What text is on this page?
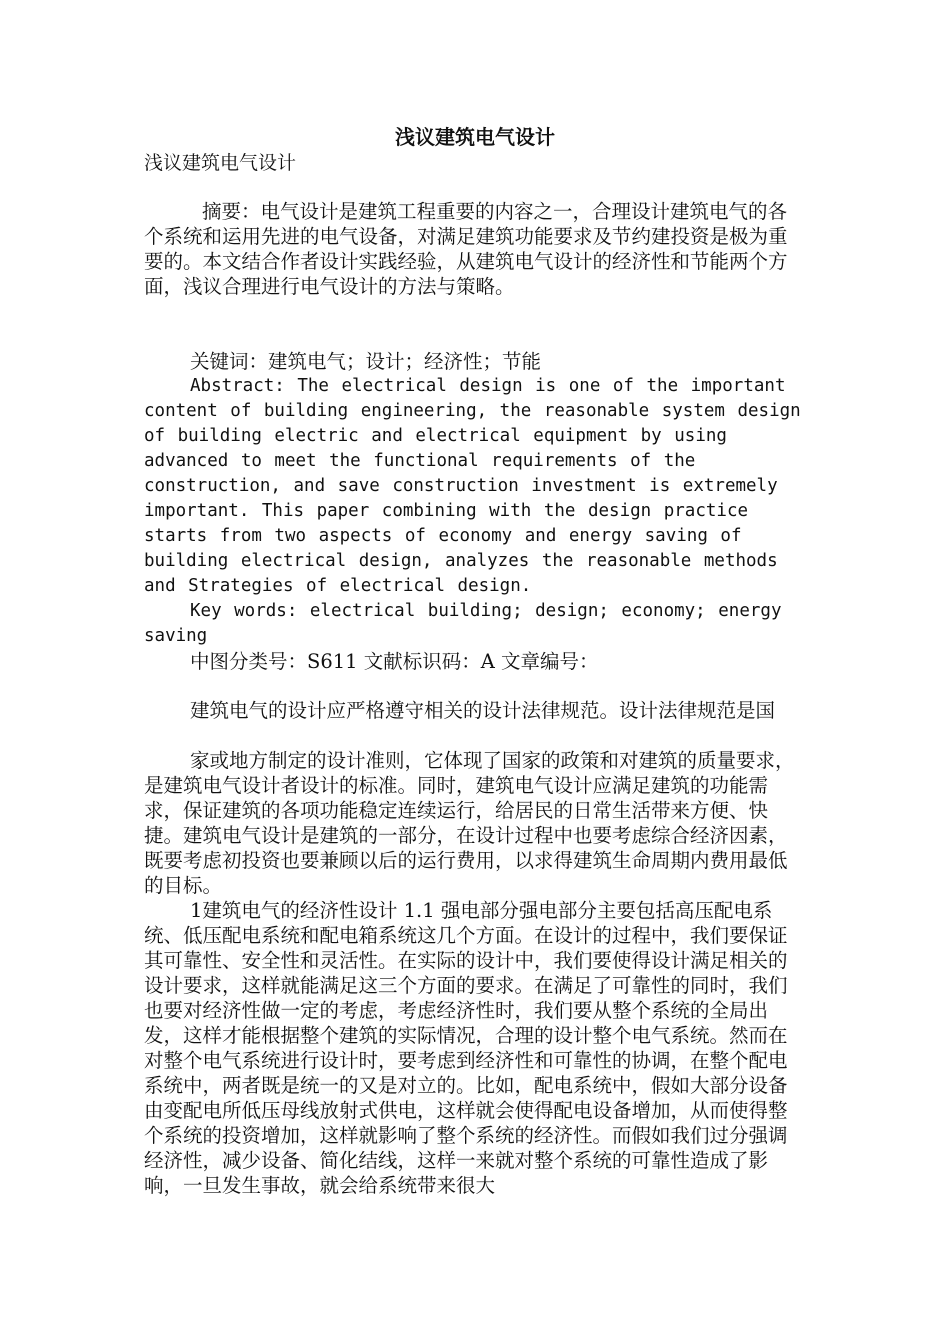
浅议建筑电气设计
浅议建筑电气设计
摘要：电气设计是建筑工程重要的内容之一，合理设计建筑电气的各个系统和运用先进的电气设备，对满足建筑功能要求及节约建投资是极为重要的。本文结合作者设计实践经验，从建筑电气设计的经济性和节能两个方面，浅议合理进行电气设计的方法与策略。
关键词：建筑电气；设计；经济性；节能
Abstract: The electrical design is one of the important content of building engineering, the reasonable system design of building electric and electrical equipment by using advanced to meet the functional requirements of the construction, and save construction investment is extremely important. This paper combining with the design practice starts from two aspects of economy and energy saving of building electrical design, analyzes the reasonable methods and Strategies of electrical design.
Key words: electrical building; design; economy; energy saving
中图分类号：S611 文献标识码：A 文章编号：
建筑电气的设计应严格遵守相关的设计法律规范。设计法律规范是国
家或地方制定的设计准则，它体现了国家的政策和对建筑的质量要求，是建筑电气设计者设计的标准。同时，建筑电气设计应满足建筑的功能需求，保证建筑的各项功能稳定连续运行，给居民的日常生活带来方便、快捷。建筑电气设计是建筑的一部分，在设计过程中也要考虑综合经济因素，既要考虑初投资也要兼顾以后的运行费用，以求得建筑生命周期内费用最低的目标。
1建筑电气的经济性设计 1.1 强电部分强电部分主要包括高压配电系统、低压配电系统和配电箱系统这几个方面。在设计的过程中，我们要保证其可靠性、安全性和灵活性。在实际的设计中，我们要使得设计满足相关的设计要求，这样就能满足这三个方面的要求。在满足了可靠性的同时，我们也要对经济性做一定的考虑，考虑经济性时，我们要从整个系统的全局出发，这样才能根据整个建筑的实际情况，合理的设计整个电气系统。然而在对整个电气系统进行设计时，要考虑到经济性和可靠性的协调，在整个配电系统中，两者既是统一的又是对立的。比如，配电系统中，假如大部分设备由变配电所低压母线放射式供电，这样就会使得配电设备增加，从而使得整个系统的投资增加，这样就影响了整个系统的经济性。而假如我们过分强调经济性，减少设备、简化结线，这样一来就对整个系统的可靠性造成了影响，一旦发生事故，就会给系统带来很大
